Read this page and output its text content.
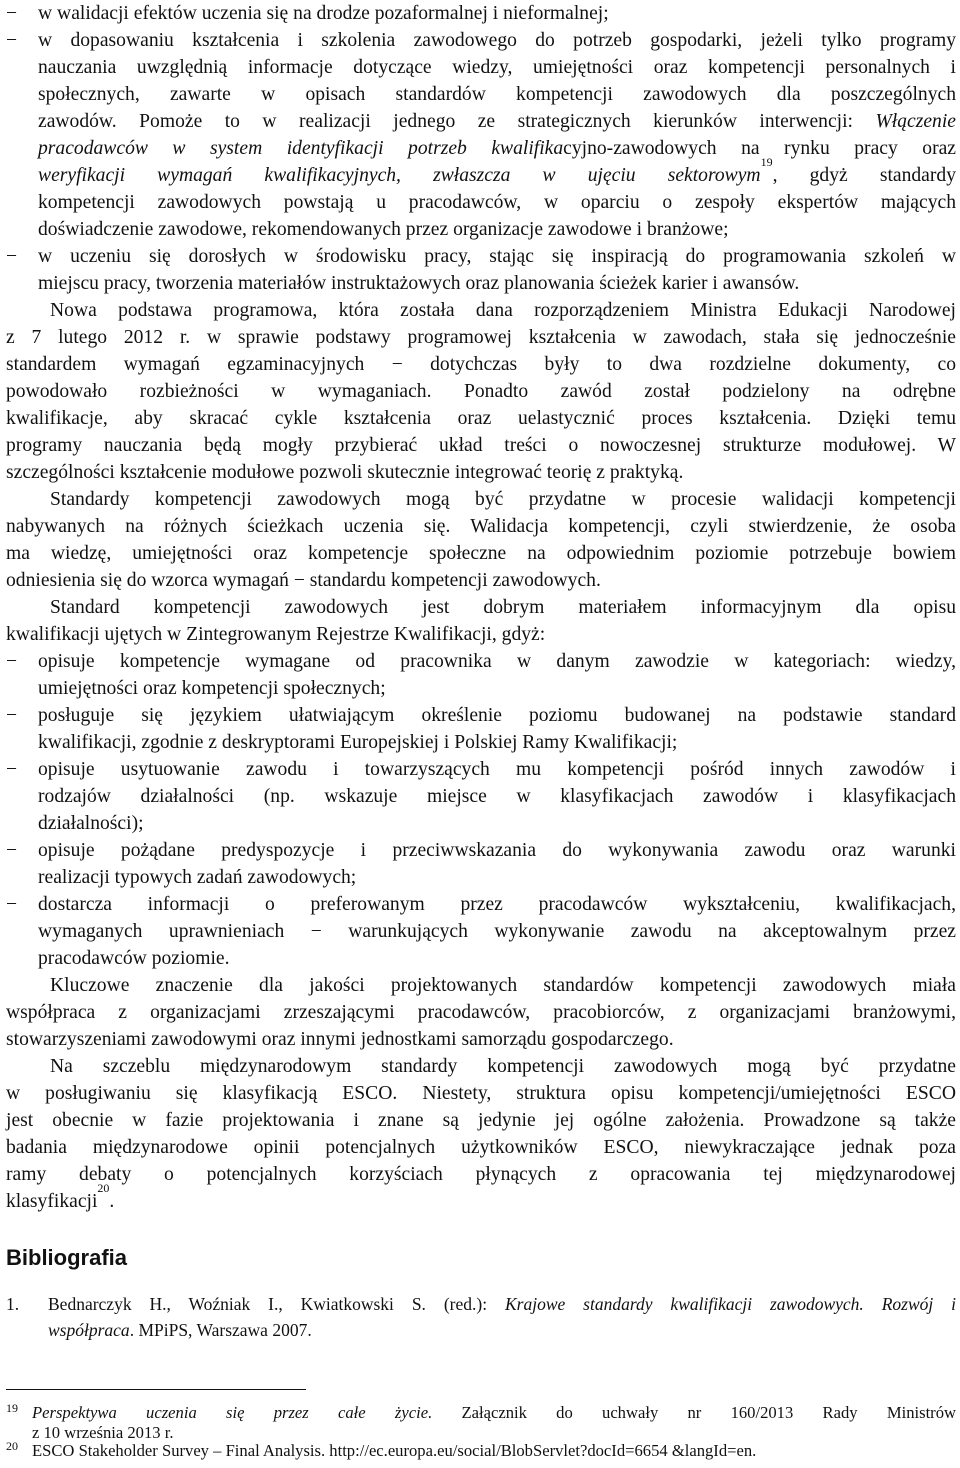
− w walidacji efektów uczenia się na drodze pozaformalnej i nieformalnej;
− w dopasowaniu kształcenia i szkolenia zawodowego do potrzeb gospodarki, jeżeli tylko programy
nauczania uwzględnią informacje dotyczące wiedzy, umiejętności oraz kompetencji personalnych i
społecznych, zawarte w opisach standardów kompetencji zawodowych dla poszczególnych
zawodów. Pomoże to w realizacji jednego ze strategicznych kierunków interwencji: Włączenie
pracodawców w system identyfikacji potrzeb kwalifikacyjno-zawodowych na rynku pracy oraz
weryfikacji wymagań kwalifikacyjnych, zwłaszcza w ujęciu sektorowym$^{19}$, gdyż standardy
kompetencji zawodowych powstają u pracodawców, w oparciu o zespoły ekspertów mających
doświadczenie zawodowe, rekomendowanych przez organizacje zawodowe i branżowe;
− w uczeniu się dorosłych w środowisku pracy, stając się inspiracją do programowania szkoleń w
miejscu pracy, tworzenia materiałów instruktażowych oraz planowania ścieżek karier i awansów.
Nowa podstawa programowa, która została dana rozporządzeniem Ministra Edukacji Narodowej
z 7 lutego 2012 r. w sprawie podstawy programowej kształcenia w zawodach, stała się jednocześnie
standardem wymagań egzaminacyjnych − dotychczas były to dwa rozdzielne dokumenty, co
powodowało rozbieżności w wymaganiach. Ponadto zawód został podzielony na odrębne
kwalifikacje, aby skracać cykle kształcenia oraz uelastycznić proces kształcenia. Dzięki temu
programy nauczania będą mogły przybierać układ treści o nowoczesnej strukturze modułowej. W
szczególności kształcenie modułowe pozwoli skutecznie integrować teorię z praktyką.
Standardy kompetencji zawodowych mogą być przydatne w procesie walidacji kompetencji
nabywanych na różnych ścieżkach uczenia się. Walidacja kompetencji, czyli stwierdzenie, że osoba
ma wiedzę, umiejętności oraz kompetencje społeczne na odpowiednim poziomie potrzebuje bowiem
odniesienia się do wzorca wymagań − standardu kompetencji zawodowych.
Standard kompetencji zawodowych jest dobrym materiałem informacyjnym dla opisu
kwalifikacji ujętych w Zintegrowanym Rejestrze Kwalifikacji, gdyż:
− opisuje kompetencje wymagane od pracownika w danym zawodzie w kategoriach: wiedzy,
umiejętności oraz kompetencji społecznych;
− posługuje się językiem ułatwiającym określenie poziomu budowanej na podstawie standard
kwalifikacji, zgodnie z deskryptorami Europejskiej i Polskiej Ramy Kwalifikacji;
− opisuje usytuowanie zawodu i towarzyszących mu kompetencji pośród innych zawodów i
rodzajów działalności (np. wskazuje miejsce w klasyfikacjach zawodów i klasyfikacjach
działalności);
− opisuje pożądane predyspozycje i przeciwwskazania do wykonywania zawodu oraz warunki
realizacji typowych zadań zawodowych;
− dostarcza informacji o preferowanym przez pracodawców wykształceniu, kwalifikacjach,
wymaganych uprawnieniach − warunkujących wykonywanie zawodu na akceptowalnym przez
pracodawców poziomie.
Kluczowe znaczenie dla jakości projektowanych standardów kompetencji zawodowych miała
współpraca z organizacjami zrzeszającymi pracodawców, pracobiorców, z organizacjami branżowymi,
stowarzyszeniami zawodowymi oraz innymi jednostkami samorządu gospodarczego.
Na szczeblu międzynarodowym standardy kompetencji zawodowych mogą być przydatne
w posługiwaniu się klasyfikacją ESCO. Niestety, struktura opisu kompetencji/umiejętności ESCO
jest obecnie w fazie projektowania i znane są jedynie jej ogólne założenia. Prowadzone są także
badania międzynarodowe opinii potencjalnych użytkowników ESCO, niewykraczające jednak poza
ramy debaty o potencjalnych korzyściach płynących z opracowania tej międzynarodowej
klasyfikacji$^{20}$.
Bibliografia
1. Bednarczyk H., Woźniak I., Kwiatkowski S. (red.): Krajowe standardy kwalifikacji zawodowych. Rozwój i
współpraca. MPiPS, Warszawa 2007.
19 Perspektywa uczenia się przez całe życie. Załącznik do uchwały nr 160/2013 Rady Ministrów
z 10 września 2013 r.
20 ESCO Stakeholder Survey – Final Analysis. http://ec.europa.eu/social/BlobServlet?docId=6654 &langId=en.
